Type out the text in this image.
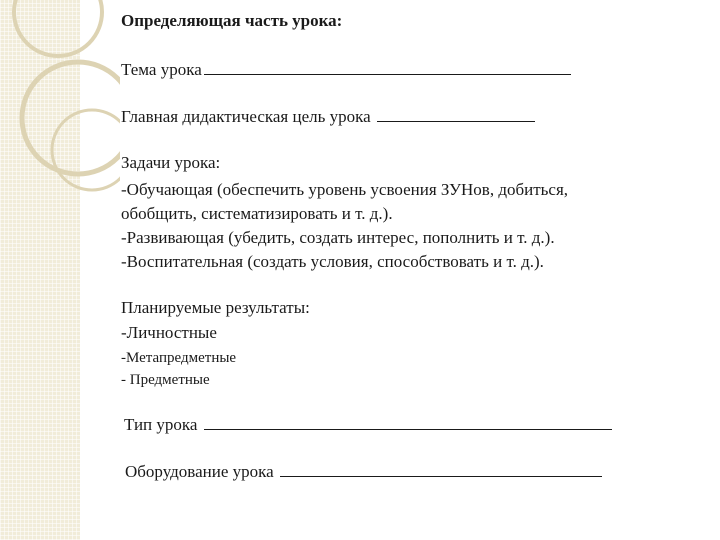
Определяющая часть урока:
Тема урока
Главная дидактическая цель урока
Задачи урока:
-Обучающая (обеспечить уровень усвоения ЗУНов, добиться,
обобщить, систематизировать и т. д.).
-Развивающая (убедить, создать интерес, пополнить и т. д.).
-Воспитательная (создать условия, способствовать и т. д.).
Планируемые результаты:
-Личностные
-Метапредметные
- Предметные
Тип урока
Оборудование урока
